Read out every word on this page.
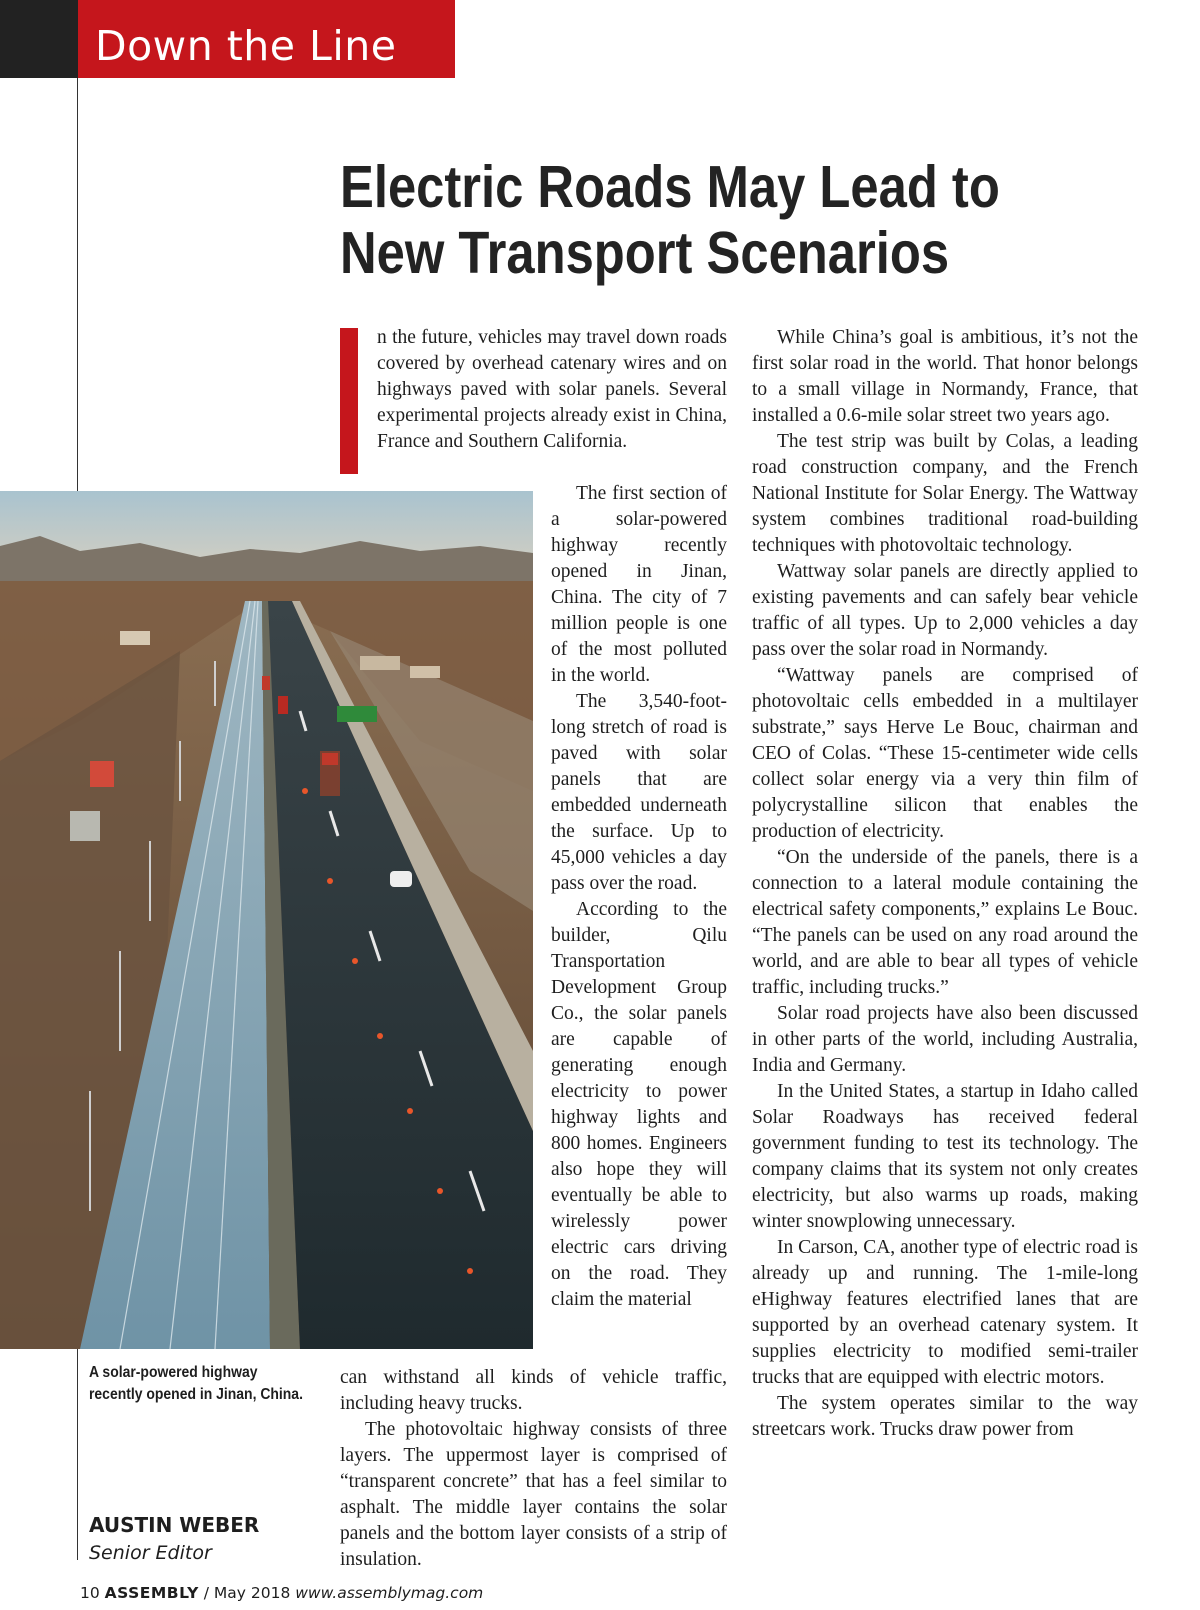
Down the Line
Electric Roads May Lead to
New Transport Scenarios

n the future, vehicles may travel down roads covered by overhead catenary wires and on highways paved with solar panels. Several experimental projects already exist in China, France and Southern California.

The first section of a solar-powered highway recently opened in Jinan, China. The city of 7 million people is one of the most polluted in the world.

The 3,540-foot-long stretch of road is paved with solar panels that are embedded underneath the surface. Up to 45,000 vehicles a day pass over the road.

According to the builder, Qilu Transportation Development Group Co., the solar panels are capable of generating enough electricity to power highway lights and 800 homes. Engineers also hope they will eventually be able to wirelessly power electric cars driving on the road. They claim the material

can withstand all kinds of vehicle traffic, including heavy trucks.

The photovoltaic highway consists of three layers. The uppermost layer is comprised of “transparent concrete” that has a feel similar to asphalt. The middle layer contains the solar panels and the bottom layer consists of a strip of insulation.

While China’s goal is ambitious, it’s not the first solar road in the world. That honor belongs to a small village in Normandy, France, that installed a 0.6-mile solar street two years ago.

The test strip was built by Colas, a leading road construction company, and the French National Institute for Solar Energy. The Wattway system combines traditional road-building techniques with photovoltaic technology.

Wattway solar panels are directly applied to existing pavements and can safely bear vehicle traffic of all types. Up to 2,000 vehicles a day pass over the solar road in Normandy.

“Wattway panels are comprised of photovoltaic cells embedded in a multilayer substrate,” says Herve Le Bouc, chairman and CEO of Colas. “These 15-centimeter wide cells collect solar energy via a very thin film of polycrystalline silicon that enables the production of electricity.

“On the underside of the panels, there is a connection to a lateral module containing the electrical safety components,” explains Le Bouc. “The panels can be used on any road around the world, and are able to bear all types of vehicle traffic, including trucks.”

Solar road projects have also been discussed in other parts of the world, including Australia, India and Germany.

In the United States, a startup in Idaho called Solar Roadways has received federal government funding to test its technology. The company claims that its system not only creates electricity, but also warms up roads, making winter snowplowing unnecessary.

In Carson, CA, another type of electric road is already up and running. The 1-mile-long eHighway features electrified lanes that are supported by an overhead catenary system. It supplies electricity to modified semi-trailer trucks that are equipped with electric motors.

The system operates similar to the way streetcars work. Trucks draw power from

A solar-powered highway recently opened in Jinan, China.
AUSTIN WEBER
Senior Editor
10 ASSEMBLY / May 2018 www.assemblymag.com
